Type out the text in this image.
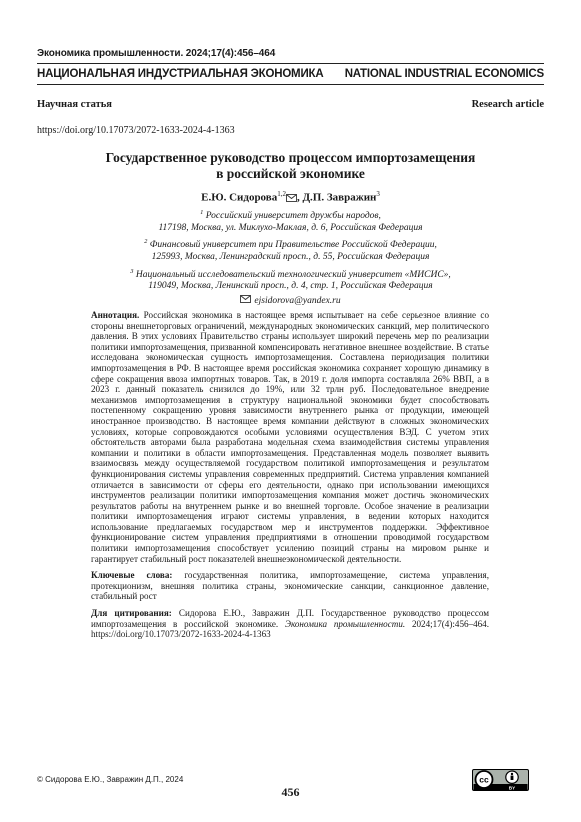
Экономика промышленности. 2024;17(4):456–464
НАЦИОНАЛЬНАЯ ИНДУСТРИАЛЬНАЯ ЭКОНОМИКА NATIONAL INDUSTRIAL ECONOMICS
Научная статья	Research article
https://doi.org/10.17073/2072-1633-2024-4-1363
Государственное руководство процессом импортозамещения
в российской экономике
Е.Ю. Сидорова$^{1,2}$ , Д.П. Завражин$^3$

$^1$ Российский университет дружбы народов,
117198, Москва, ул. Миклухо-Маклая, д. 6, Российская Федерация

$^2$ Финансовый университет при Правительстве Российской Федерации,
125993, Москва, Ленинградский просп., д. 55, Российская Федерация

$^3$ Национальный исследовательский технологический университет «МИСИС»,
119049, Москва, Ленинский просп., д. 4, стр. 1, Российская Федерация

ejsidorova@yandex.ru

Аннотация. Российская экономика в настоящее время испытывает на себе серьезное влияние со стороны внешнеторговых ограничений, международных экономических санкций, мер политического давления. В этих условиях Правительство страны использует широкий перечень мер по реализации политики импортозамещения, призванной компенсировать негативное внешнее воздействие. В статье исследована экономическая сущность импортозамещения. Составлена периодизация политики импортозамещения в РФ. В настоящее время российская экономика сохраняет хорошую динамику в сфере сокращения ввоза импортных товаров. Так, в 2019 г. доля импорта составляла 26% ВВП, а в 2023 г. данный показатель снизился до 19%, или 32 трлн руб. Последовательное внедрение механизмов импортозамещения в структуру национальной экономики будет способствовать постепенному сокращению уровня зависимости внутреннего рынка от продукции, имеющей иностранное производство. В настоящее время компании действуют в сложных экономических условиях, которые сопровождаются особыми условиями осуществления ВЭД. С учетом этих обстоятельств авторами была разработана модельная схема взаимодействия системы управления компании и политики в области импортозамещения. Представленная модель позволяет выявить взаимосвязь между осуществляемой государством политикой импортозамещения и результатом функционирования системы управления современных предприятий. Система управления компанией отличается в зависимости от сферы его деятельности, однако при использовании имеющихся инструментов реализации политики импортозамещения компания может достичь экономических результатов работы на внутреннем рынке и во внешней торговле. Особое значение в реализации политики импортозамещения играют системы управления, в ведении которых находится использование предлагаемых государством мер и инструментов поддержки. Эффективное функционирование систем управления предприятиями в отношении проводимой государством политики импортозамещения способствует усилению позиций страны на мировом рынке и гарантирует стабильный рост показателей внешнеэкономической деятельности.

Ключевые слова: государственная политика, импортозамещение, система управления, протекционизм, внешняя политика страны, экономические санкции, санкционное давление, стабильный рост

Для цитирования: Сидорова Е.Ю., Завражин Д.П. Государственное руководство процессом импортозамещения в российской экономике. Экономика промышленности. 2024;17(4):456–464. https://doi.org/10.17073/2072-1633-2024-4-1363

© Сидорова Е.Ю., Завражин Д.П., 2024
456
cc
BY
